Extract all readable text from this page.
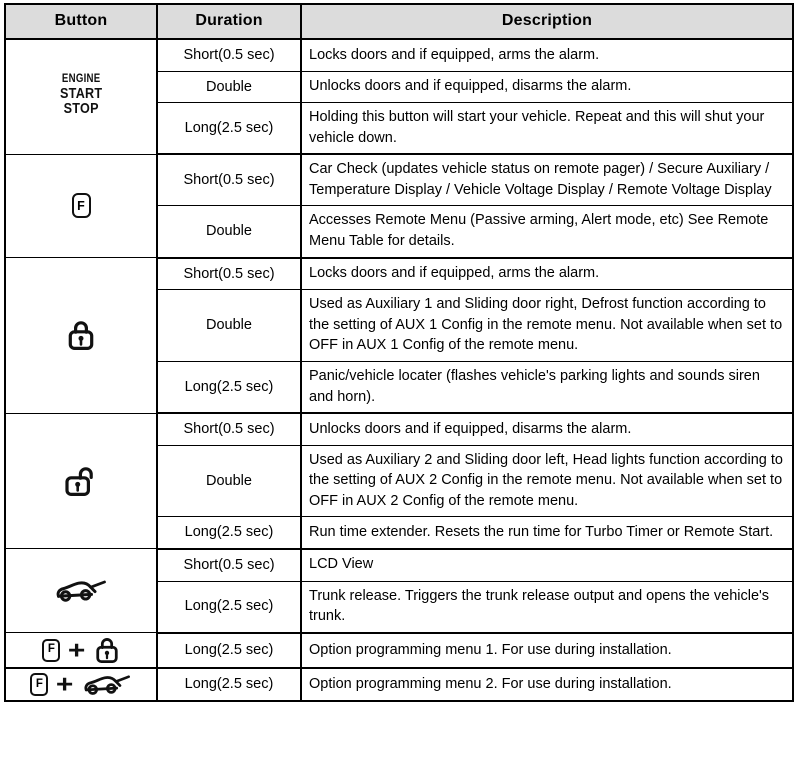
Button	Duration	Description

ENGINE
START
STOP	Short(0.5 sec)	Locks doors and if equipped, arms the alarm.
	Double	Unlocks doors and if equipped, disarms the alarm.
	Long(2.5 sec)	Holding this button will start your vehicle. Repeat and this will shut your vehicle down.

F	Short(0.5 sec)	Car Check (updates vehicle status on remote pager) / Secure Auxiliary / Temperature Display / Vehicle Voltage Display / Remote Voltage Display
	Double	Accesses Remote Menu (Passive arming, Alert mode, etc) See Remote Menu Table for details.

	Short(0.5 sec)	Locks doors and if equipped, arms the alarm.
	Double	Used as Auxiliary 1 and Sliding door right, Defrost function according to the setting of AUX 1 Config in the remote menu. Not available when set to OFF in AUX 1 Config of the remote menu.
	Long(2.5 sec)	Panic/vehicle locater (flashes vehicle's parking lights and sounds siren and horn).

	Short(0.5 sec)	Unlocks doors and if equipped, disarms the alarm.
	Double	Used as Auxiliary 2 and Sliding door left, Head lights function according to the setting of AUX 2 Config in the remote menu. Not available when set to OFF in AUX 2 Config of the remote menu.
	Long(2.5 sec)	Run time extender. Resets the run time for Turbo Timer or Remote Start.

	Short(0.5 sec)	LCD View
	Long(2.5 sec)	Trunk release. Triggers the trunk release output and opens the vehicle's trunk.

F +	Long(2.5 sec)	Option programming menu 1. For use during installation.

F +	Long(2.5 sec)	Option programming menu 2. For use during installation.
